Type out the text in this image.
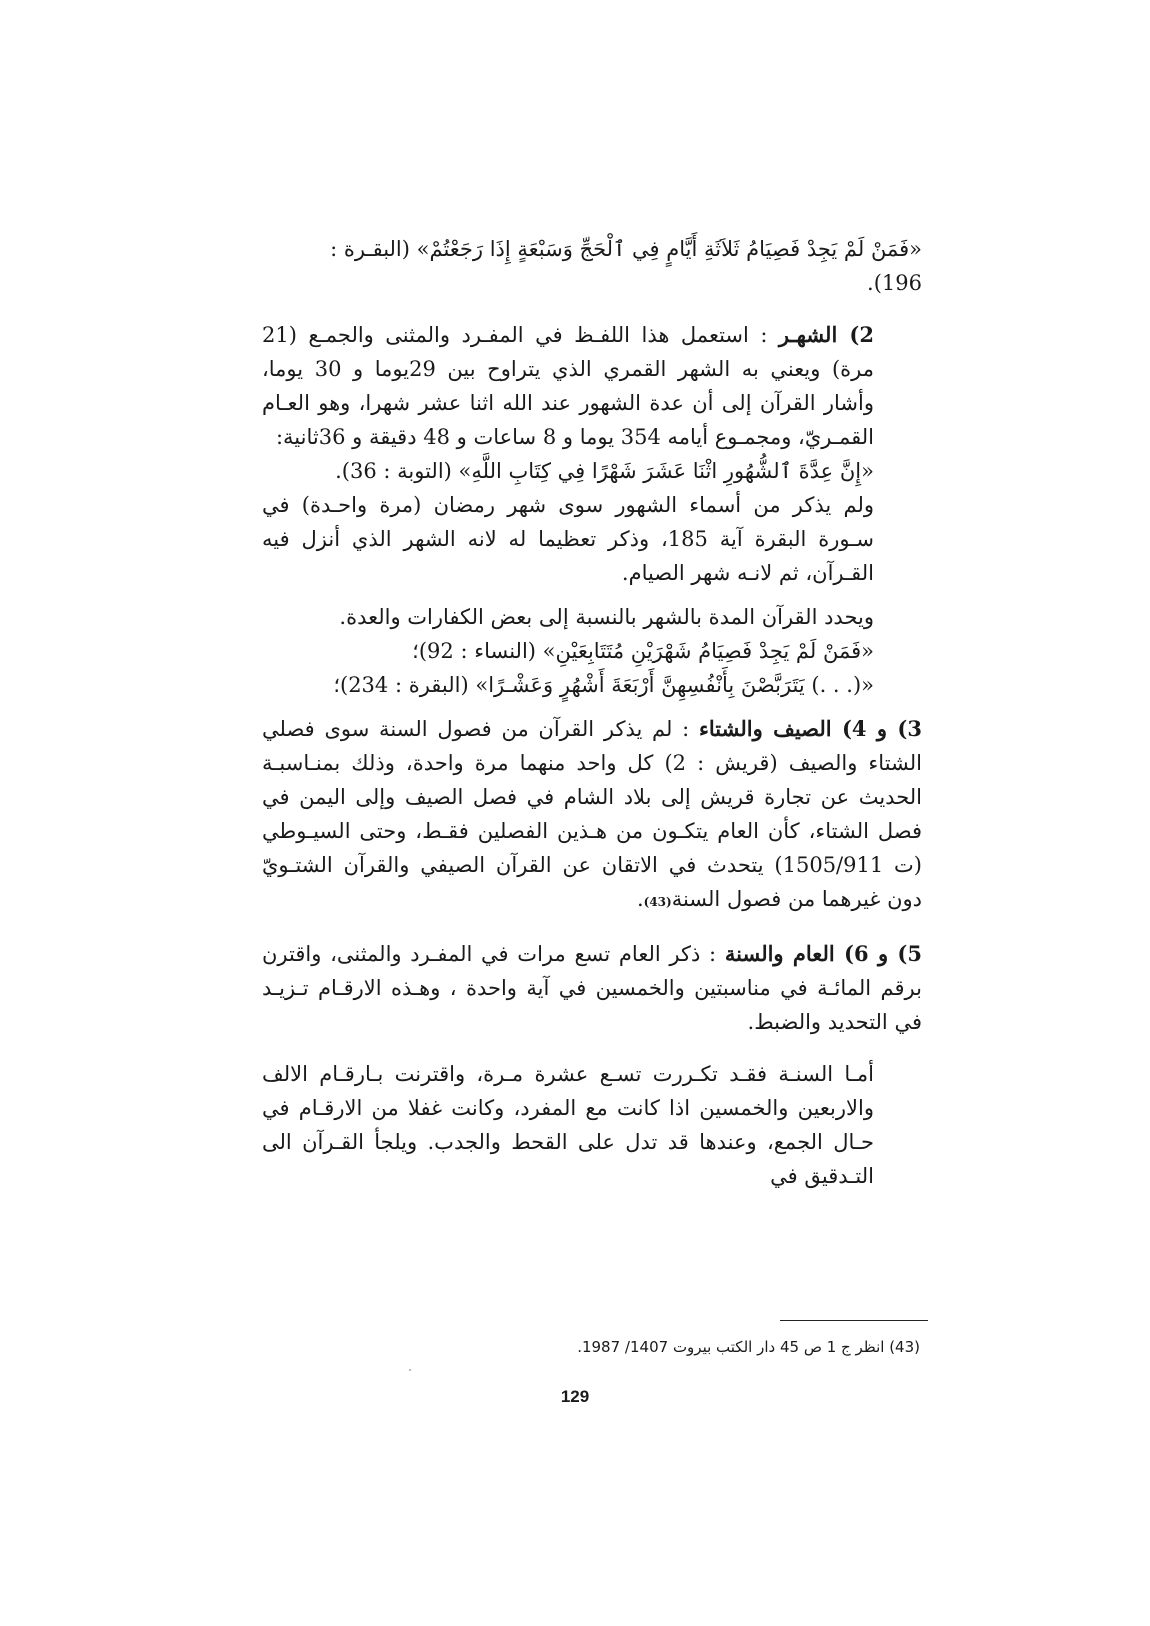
«فَمَنْ لَمْ يَجِدْ فَصِيَامُ ثَلاَثَةِ أَيَّامٍ فِي ٱلْحَجِّ وَسَبْعَةٍ إِذَا رَجَعْتُمْ» (البقـرة :

196).

2) الشهـر : استعمل هذا اللفـظ في المفـرد والمثنى والجمـع (21 مرة) ويعني به الشهر القمري الذي يتراوح بين 29يوما و 30 يوما، وأشار القرآن إلى أن عدة الشهور عند الله اثنا عشر شهرا، وهو العـام القمـريّ، ومجمـوع أيامه 354 يوما و 8 ساعات و 48 دقيقة و 36ثانية:

«إِنَّ عِدَّةَ ٱلشُّهُورِ اثْنَا عَشَرَ شَهْرًا فِي كِتَابِ اللَّهِ» (التوبة : 36).

ولم يذكر من أسماء الشهور سوى شهر رمضان (مرة واحـدة) في سـورة البقرة آية 185، وذكر تعظيما له لانه الشهر الذي أنزل فيه القـرآن، ثم لانـه شهر الصيام.

ويحدد القرآن المدة بالشهر بالنسبة إلى بعض الكفارات والعدة.

«فَمَنْ لَمْ يَجِدْ فَصِيَامُ شَهْرَيْنِ مُتَتَابِعَيْنِ» (النساء : 92)؛

«(. . .) يَتَرَبَّصْنَ بِأَنْفُسِهِنَّ أَرْبَعَةَ أَشْهُرٍ وَعَشْـرًا» (البقرة : 234)؛

3) و 4) الصيف والشتاء : لم يذكر القرآن من فصول السنة سوى فصلي الشتاء والصيف (قريش : 2) كل واحد منهما مرة واحدة، وذلك بمنـاسبـة الحديث عن تجارة قريش إلى بلاد الشام في فصل الصيف وإلى اليمن في فصل الشتاء، كأن العام يتكـون من هـذين الفصلين فقـط، وحتى السيـوطي (ت 1505/911) يتحدث في الاتقان عن القرآن الصيفي والقرآن الشتـويّ دون غيرهما من فصول السنة(43).

5) و 6) العام والسنة : ذكر العام تسع مرات في المفـرد والمثنى، واقترن برقم المائـة في مناسبتين والخمسين في آية واحدة ، وهـذه الارقـام تـزيـد في التحديد والضبط.

أمـا السنـة فقـد تكـررت تسـع عشرة مـرة، واقترنت بـارقـام الالف والاربعين والخمسين اذا كانت مع المفرد، وكانت غفلا من الارقـام في حـال الجمع، وعندها قد تدل على القحط والجدب. ويلجأ القـرآن الى التـدقيق في

(43) انظر ج 1 ص 45 دار الكتب بيروت 1407/ 1987.
129
